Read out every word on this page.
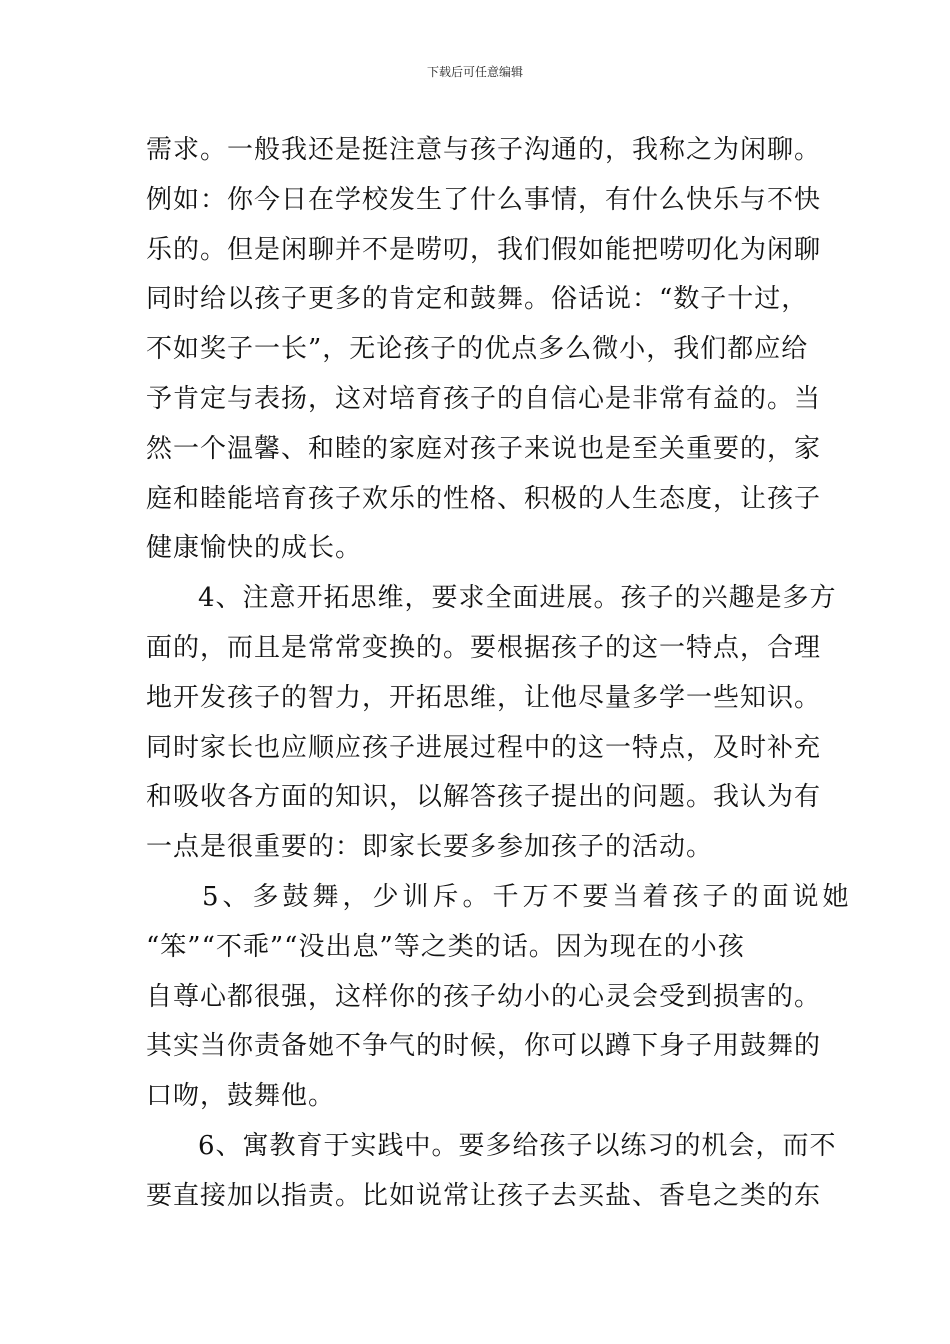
下载后可任意编辑
需求。一般我还是挺注意与孩子沟通的，我称之为闲聊。
例如：你今日在学校发生了什么事情，有什么快乐与不快
乐的。但是闲聊并不是唠叨，我们假如能把唠叨化为闲聊
同时给以孩子更多的肯定和鼓舞。俗话说：“数子十过，
不如奖子一长”，无论孩子的优点多么微小，我们都应给
予肯定与表扬，这对培育孩子的自信心是非常有益的。当
然一个温馨、和睦的家庭对孩子来说也是至关重要的，家
庭和睦能培育孩子欢乐的性格、积极的人生态度，让孩子
健康愉快的成长。
4、注意开拓思维，要求全面进展。孩子的兴趣是多方
面的，而且是常常变换的。要根据孩子的这一特点，合理
地开发孩子的智力，开拓思维，让他尽量多学一些知识。
同时家长也应顺应孩子进展过程中的这一特点，及时补充
和吸收各方面的知识，以解答孩子提出的问题。我认为有
一点是很重要的：即家长要多参加孩子的活动。
5、多鼓舞，少训斥。千万不要当着孩子的面说她
“笨”“不乖”“没出息”等之类的话。因为现在的小孩
自尊心都很强，这样你的孩子幼小的心灵会受到损害的。
其实当你责备她不争气的时候，你可以蹲下身子用鼓舞的
口吻，鼓舞他。
6、寓教育于实践中。要多给孩子以练习的机会，而不
要直接加以指责。比如说常让孩子去买盐、香皂之类的东
